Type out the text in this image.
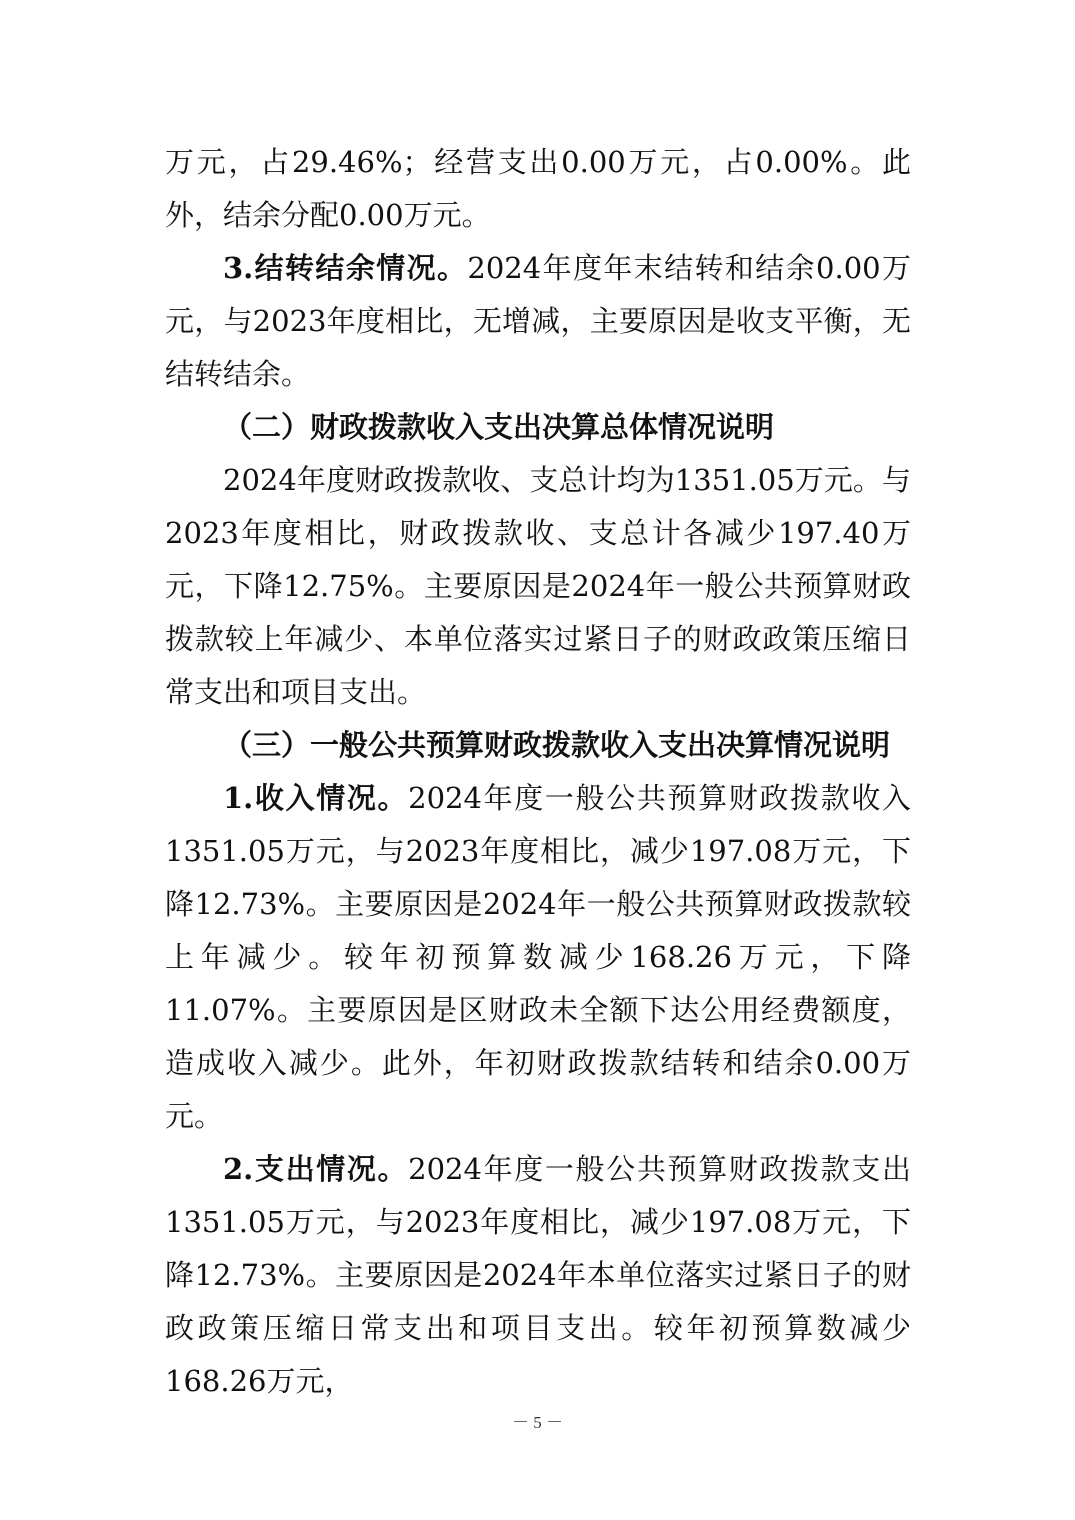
万元，占29.46%；经营支出0.00万元，占0.00%。此外，结余分配0.00万元。

3.结转结余情况。2024年度年末结转和结余0.00万元，与2023年度相比，无增减，主要原因是收支平衡，无结转结余。

（二）财政拨款收入支出决算总体情况说明

2024年度财政拨款收、支总计均为1351.05万元。与2023年度相比，财政拨款收、支总计各减少197.40万元，下降12.75%。主要原因是2024年一般公共预算财政拨款较上年减少、本单位落实过紧日子的财政政策压缩日常支出和项目支出。

（三）一般公共预算财政拨款收入支出决算情况说明

1.收入情况。2024年度一般公共预算财政拨款收入1351.05万元，与2023年度相比，减少197.08万元，下降12.73%。主要原因是2024年一般公共预算财政拨款较上年减少。较年初预算数减少168.26万元，下降11.07%。主要原因是区财政未全额下达公用经费额度，造成收入减少。此外，年初财政拨款结转和结余0.00万元。

2.支出情况。2024年度一般公共预算财政拨款支出1351.05万元，与2023年度相比，减少197.08万元，下降12.73%。主要原因是2024年本单位落实过紧日子的财政政策压缩日常支出和项目支出。较年初预算数减少168.26万元，

－ 5 －
